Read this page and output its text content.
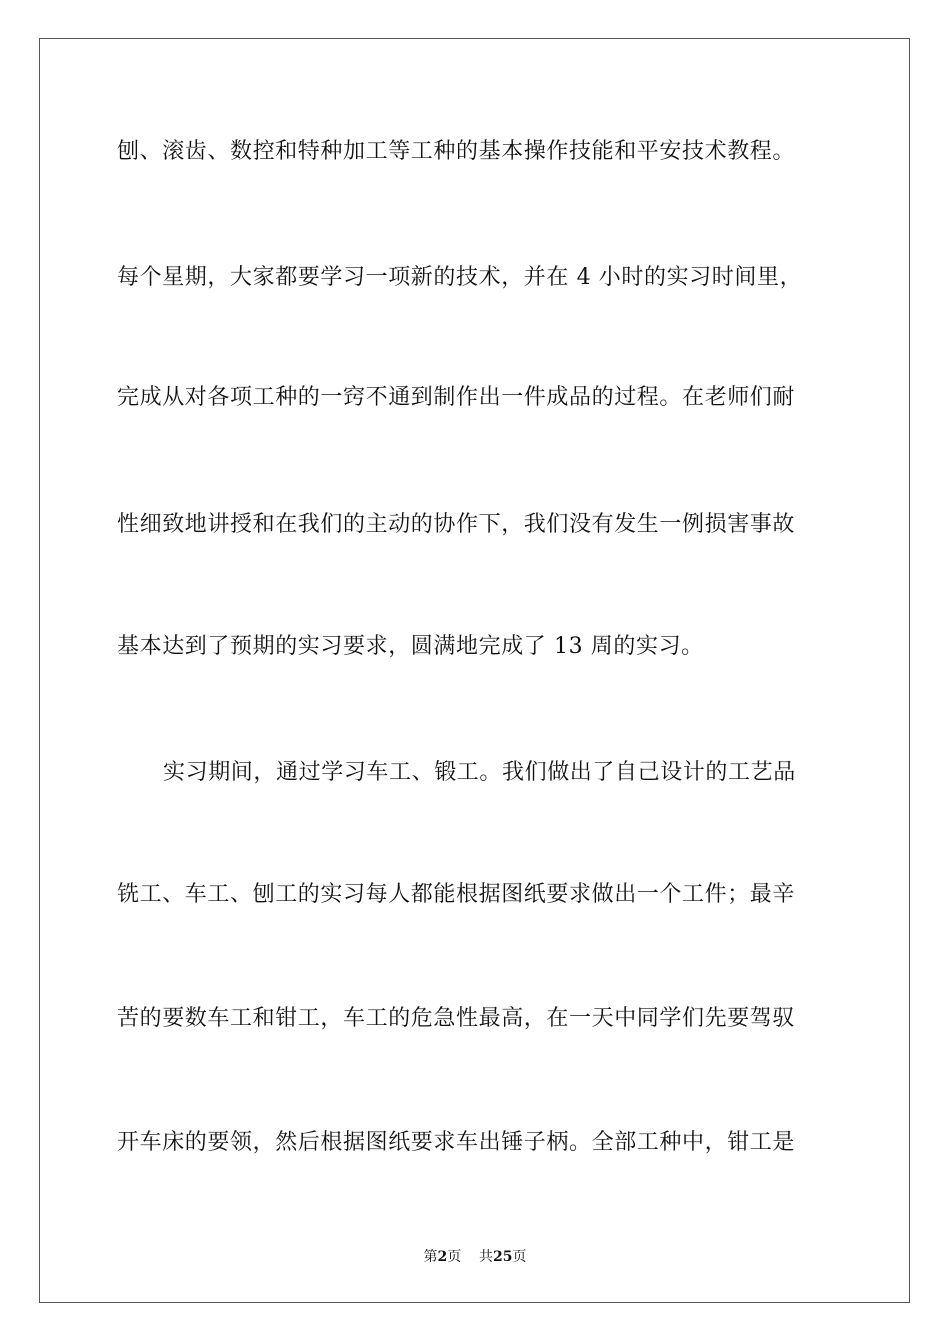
刨、滚齿、数控和特种加工等工种的基本操作技能和平安技术教程。
每个星期，大家都要学习一项新的技术，并在 4 小时的实习时间里，
完成从对各项工种的一窍不通到制作出一件成品的过程。在老师们耐
性细致地讲授和在我们的主动的协作下，我们没有发生一例损害事故
基本达到了预期的实习要求，圆满地完成了 13 周的实习。
实习期间，通过学习车工、锻工。我们做出了自己设计的工艺品
铣工、车工、刨工的实习每人都能根据图纸要求做出一个工件；最辛
苦的要数车工和钳工，车工的危急性最高，在一天中同学们先要驾驭
开车床的要领，然后根据图纸要求车出锤子柄。全部工种中，钳工是
第2页 共25页
